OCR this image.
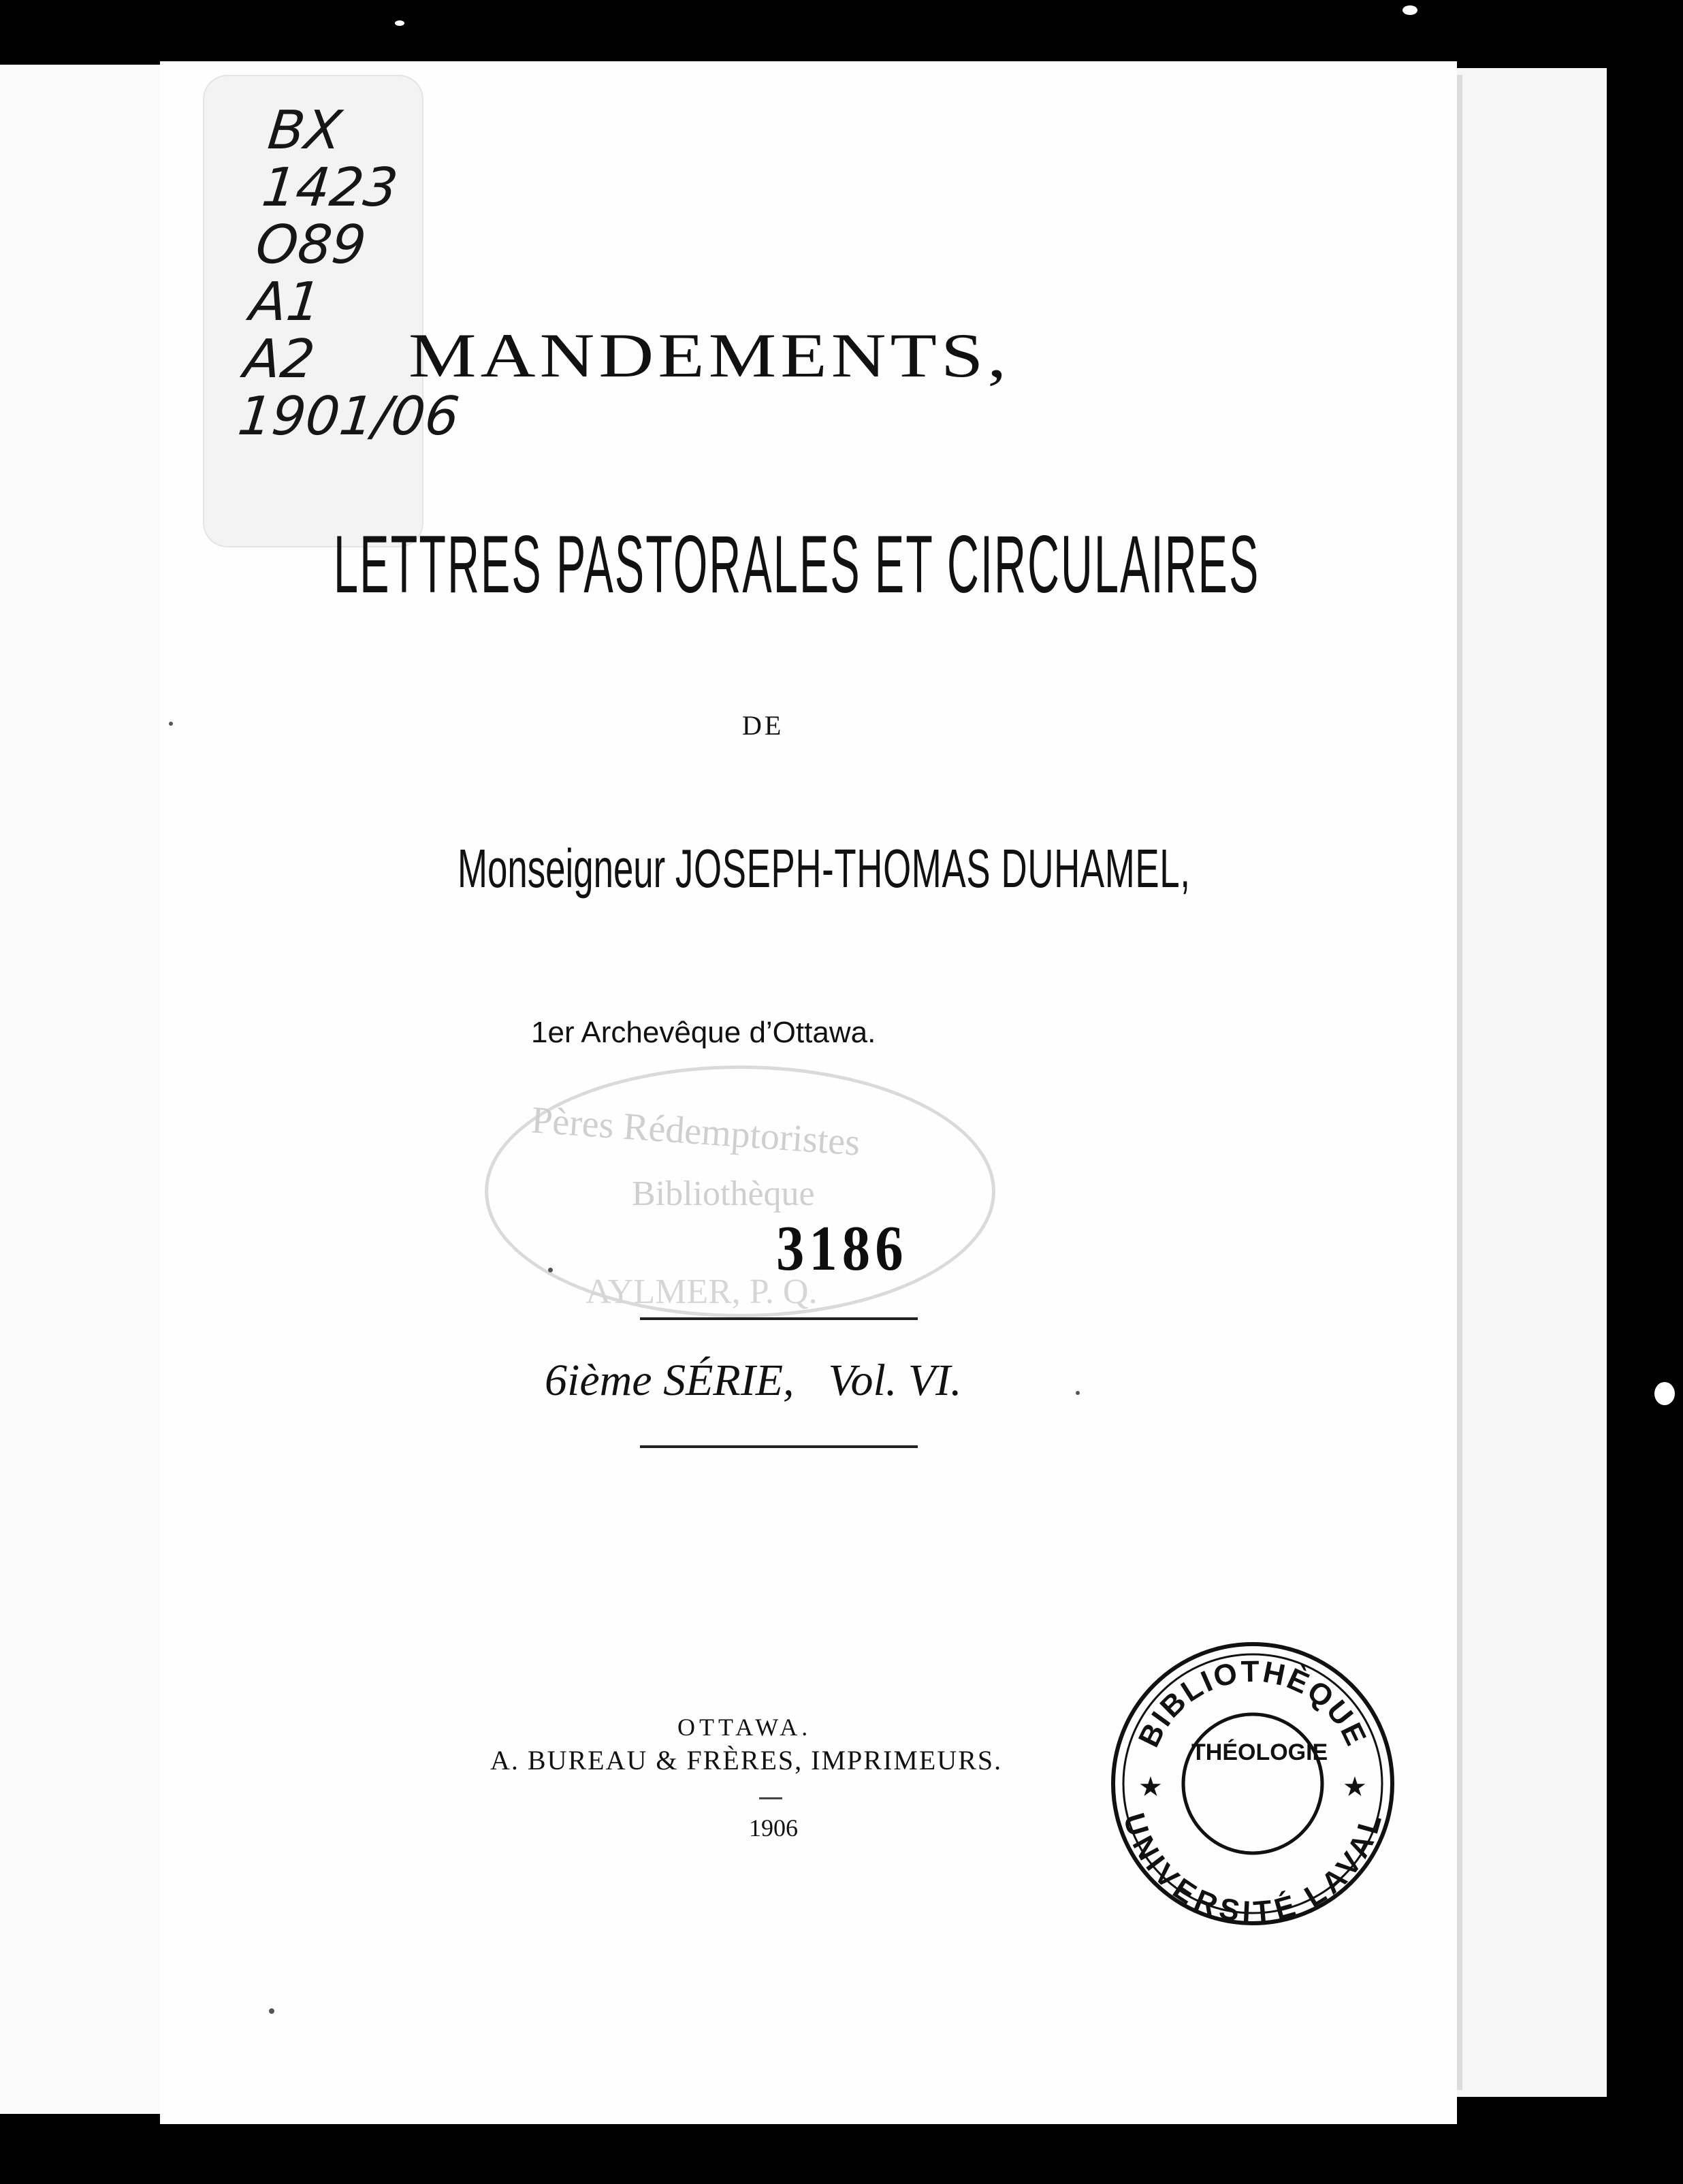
BX
1423
O89
A1
A2
1901/06
MANDEMENTS,
LETTRES PASTORALES ET CIRCULAIRES
DE
Monseigneur JOSEPH-THOMAS DUHAMEL,
1er Archevêque d’Ottawa.
Pères Rédemptoristes
Bibliothèque
AYLMER, P. Q.
3186
6ième SÉRIE, Vol. VI.
OTTAWA.
A. BUREAU & FRÈRES, IMPRIMEURS.
1906
BIBLIOTHÈQUE
UNIVERSITÉ LAVAL
★	★
THÉOLOGIE
